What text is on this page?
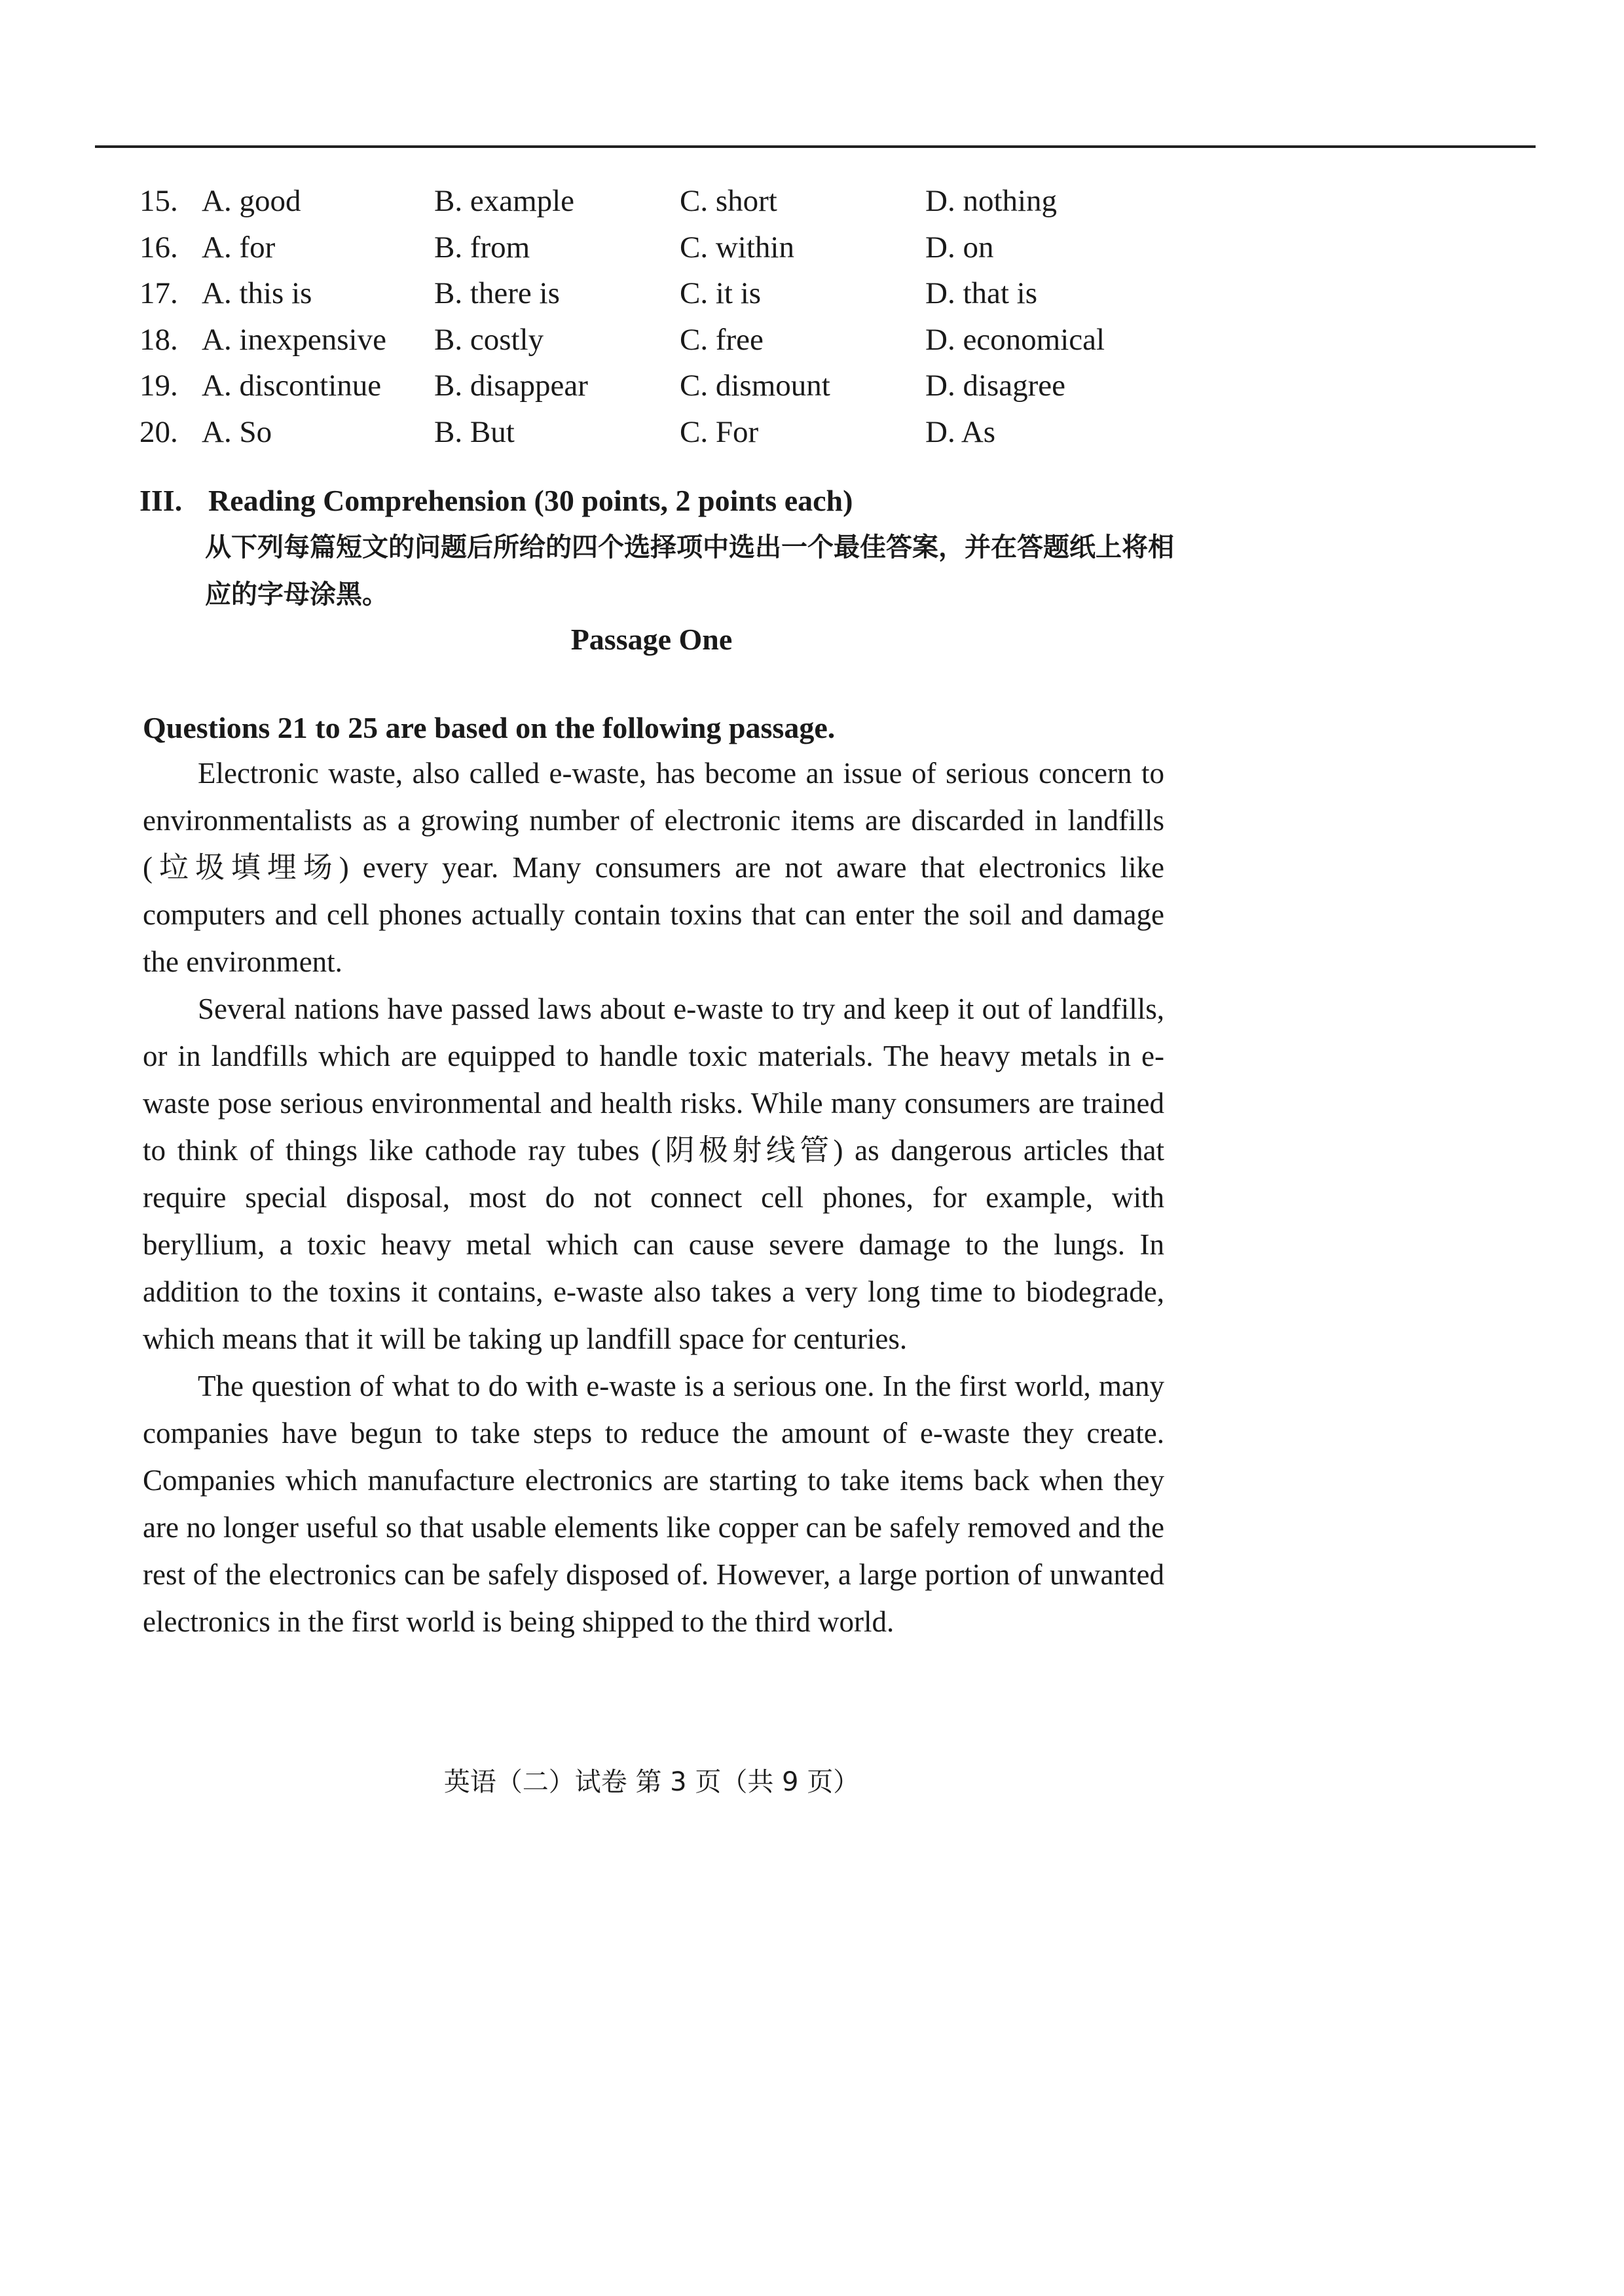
15. A. good	B. example	C. short	D. nothing
16. A. for	B. from	C. within	D. on
17. A. this is	B. there is	C. it is	D. that is
18. A. inexpensive B. costly	C. free	D. economical
19. A. discontinue B. disappear	C. dismount	D. disagree
20. A. So	B. But	C. For	D. As
III. Reading Comprehension (30 points, 2 points each)
从下列每篇短文的问题后所给的四个选择项中选出一个最佳答案，并在答题纸上将相应的字母涂黑。
Passage One
Questions 21 to 25 are based on the following passage.

Electronic waste, also called e-waste, has become an issue of serious concern to environmentalists as a growing number of electronic items are discarded in landfills (垃圾填埋场) every year. Many consumers are not aware that electronics like computers and cell phones actually contain toxins that can enter the soil and damage the environment.

Several nations have passed laws about e-waste to try and keep it out of landfills, or in landfills which are equipped to handle toxic materials. The heavy metals in e-waste pose serious environmental and health risks. While many consumers are trained to think of things like cathode ray tubes (阴极射线管) as dangerous articles that require special disposal, most do not connect cell phones, for example, with beryllium, a toxic heavy metal which can cause severe damage to the lungs. In addition to the toxins it contains, e-waste also takes a very long time to biodegrade, which means that it will be taking up landfill space for centuries.

The question of what to do with e-waste is a serious one. In the first world, many companies have begun to take steps to reduce the amount of e-waste they create. Companies which manufacture electronics are starting to take items back when they are no longer useful so that usable elements like copper can be safely removed and the rest of the electronics can be safely disposed of. However, a large portion of unwanted electronics in the first world is being shipped to the third world.

英语（二）试卷 第 3 页（共 9 页）
